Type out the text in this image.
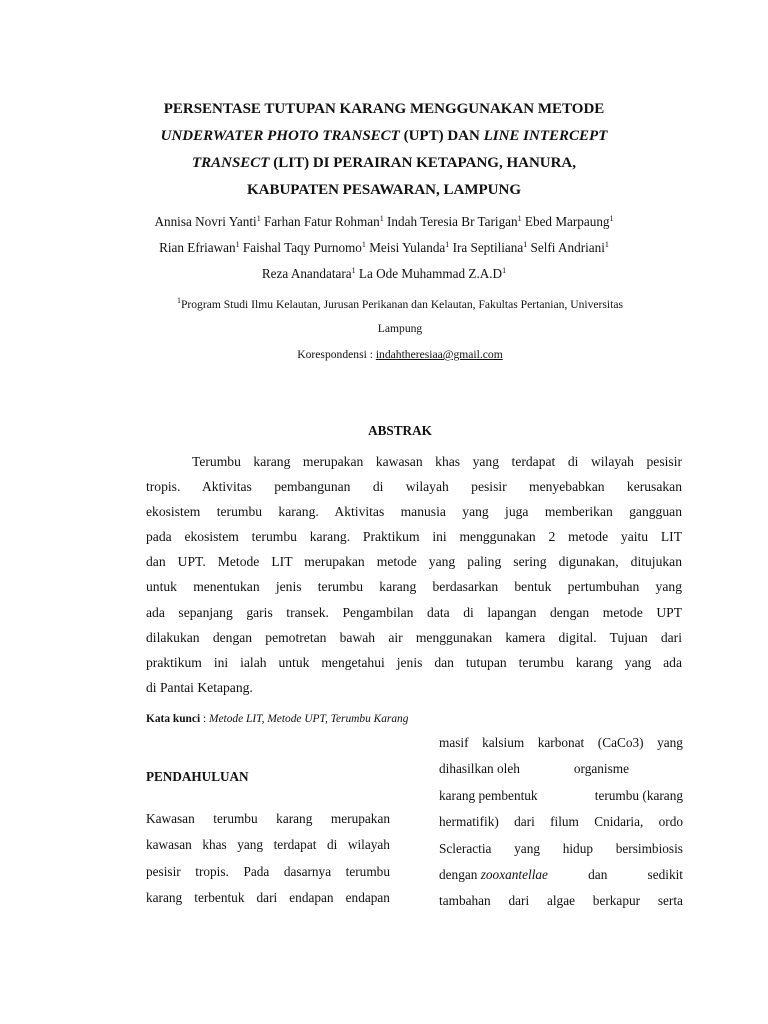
PERSENTASE TUTUPAN KARANG MENGGUNAKAN METODE
UNDERWATER PHOTO TRANSECT (UPT) DAN LINE INTERCEPT
TRANSECT (LIT) DI PERAIRAN KETAPANG, HANURA,
KABUPATEN PESAWARAN, LAMPUNG
Annisa Novri Yanti$^1$ Farhan Fatur Rohman$^1$ Indah Teresia Br Tarigan$^1$ Ebed Marpaung$^1$
Rian Efriawan$^1$ Faishal Taqy Purnomo$^1$ Meisi Yulanda$^1$ Ira Septiliana$^1$ Selfi Andriani$^1$
Reza Anandatara$^1$ La Ode Muhammad $Z.A.D^1$
$^1$Program Studi Ilmu Kelautan, Jurusan Perikanan dan Kelautan, Fakultas Pertanian, Universitas
Lampung
Korespondensi : indahtheresiaa@gmail.com
ABSTRAK
Terumbu karang merupakan kawasan khas yang terdapat di wilayah pesisir
tropis. Aktivitas pembangunan di wilayah pesisir menyebabkan kerusakan
ekosistem terumbu karang. Aktivitas manusia yang juga memberikan gangguan
pada ekosistem terumbu karang. Praktikum ini menggunakan 2 metode yaitu LIT
dan UPT. Metode LIT merupakan metode yang paling sering digunakan, ditujukan
untuk menentukan jenis terumbu karang berdasarkan bentuk pertumbuhan yang
ada sepanjang garis transek. Pengambilan data di lapangan dengan metode UPT
dilakukan dengan pemotretan bawah air menggunakan kamera digital. Tujuan dari
praktikum ini ialah untuk mengetahui jenis dan tutupan terumbu karang yang ada
di Pantai Ketapang.
Kata kunci : Metode LIT, Metode UPT, Terumbu Karang
PENDAHULUAN
Kawasan terumbu karang merupakan
kawasan khas yang terdapat di wilayah
pesisir tropis. Pada dasarnya terumbu
karang terbentuk dari endapan endapan
masif kalsium karbonat (CaCo3) yang
dihasilkan oleh	organisme
karang pembentuk	terumbu (karang
hermatifik) dari filum Cnidaria, ordo
Scleractia yang hidup bersimbiosis
dengan zooxantellae	dan	sedikit
tambahan dari algae berkapur serta
